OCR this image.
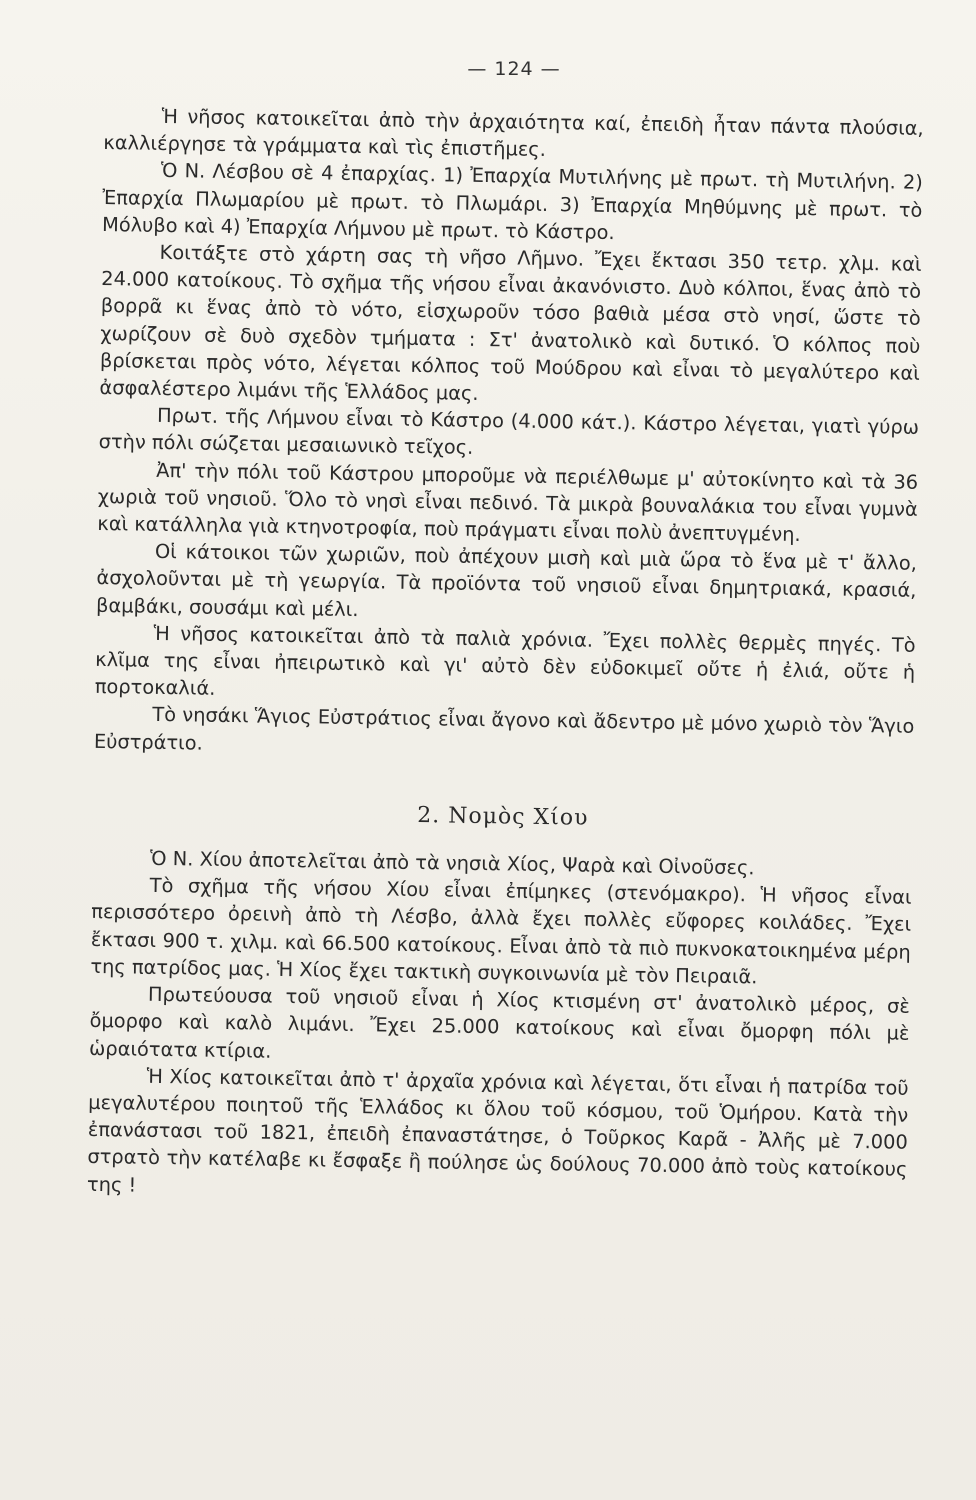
— 124 —

Ἡ νῆσος κατοικεῖται ἀπὸ τὴν ἀρχαιότητα καί, ἐπειδὴ ἦταν πάντα πλούσια, καλλιέργησε τὰ γράμματα καὶ τὶς ἐπιστῆμες.

Ὁ Ν. Λέσβου σὲ 4 ἐπαρχίας. 1) Ἐπαρχία Μυτιλήνης μὲ πρωτ. τὴ Μυτιλήνη. 2) Ἐπαρχία Πλωμαρίου μὲ πρωτ. τὸ Πλωμάρι. 3) Ἐπαρχία Μηθύμνης μὲ πρωτ. τὸ Μόλυβο καὶ 4) Ἐπαρχία Λήμνου μὲ πρωτ. τὸ Κάστρο.

Κοιτάξτε στὸ χάρτη σας τὴ νῆσο Λῆμνο. Ἔχει ἔκτασι 350 τετρ. χλμ. καὶ 24.000 κατοίκους. Τὸ σχῆμα τῆς νήσου εἶναι ἀκανόνιστο. Δυὸ κόλποι, ἕνας ἀπὸ τὸ βορρᾶ κι ἕνας ἀπὸ τὸ νότο, εἰσχωροῦν τόσο βαθιὰ μέσα στὸ νησί, ὥστε τὸ χωρίζουν σὲ δυὸ σχεδὸν τμήματα : Στ' ἀνατολικὸ καὶ δυτικό. Ὁ κόλπος ποὺ βρίσκεται πρὸς νότο, λέγεται κόλπος τοῦ Μούδρου καὶ εἶναι τὸ μεγαλύτερο καὶ ἀσφαλέστερο λιμάνι τῆς Ἑλλάδος μας.

Πρωτ. τῆς Λήμνου εἶναι τὸ Κάστρο (4.000 κάτ.). Κάστρο λέγεται, γιατὶ γύρω στὴν πόλι σώζεται μεσαιωνικὸ τεῖχος.

Ἀπ' τὴν πόλι τοῦ Κάστρου μποροῦμε νὰ περιέλθωμε μ' αὐτοκίνητο καὶ τὰ 36 χωριὰ τοῦ νησιοῦ. Ὅλο τὸ νησὶ εἶναι πεδινό. Τὰ μικρὰ βουναλάκια του εἶναι γυμνὰ καὶ κατάλληλα γιὰ κτηνοτροφία, ποὺ πράγματι εἶναι πολὺ ἀνεπτυγμένη.

Οἱ κάτοικοι τῶν χωριῶν, ποὺ ἀπέχουν μισὴ καὶ μιὰ ὥρα τὸ ἕνα μὲ τ' ἄλλο, ἀσχολοῦνται μὲ τὴ γεωργία. Τὰ προϊόντα τοῦ νησιοῦ εἶναι δημητριακά, κρασιά, βαμβάκι, σουσάμι καὶ μέλι.

Ἡ νῆσος κατοικεῖται ἀπὸ τὰ παλιὰ χρόνια. Ἔχει πολλὲς θερμὲς πηγές. Τὸ κλῖμα της εἶναι ἠπειρωτικὸ καὶ γι' αὐτὸ δὲν εὐδοκιμεῖ οὔτε ἡ ἐλιά, οὔτε ἡ πορτοκαλιά.

Τὸ νησάκι Ἅγιος Εὐστράτιος εἶναι ἄγονο καὶ ἄδεντρο μὲ μόνο χωριὸ τὸν Ἅγιο Εὐστράτιο.

2. Νομὸς Χίου

Ὁ Ν. Χίου ἀποτελεῖται ἀπὸ τὰ νησιὰ Χίος, Ψαρὰ καὶ Οἰνοῦσες.

Τὸ σχῆμα τῆς νήσου Χίου εἶναι ἐπίμηκες (στενόμακρο). Ἡ νῆσος εἶναι περισσότερο ὀρεινὴ ἀπὸ τὴ Λέσβο, ἀλλὰ ἔχει πολλὲς εὔφορες κοιλάδες. Ἔχει ἔκτασι 900 τ. χιλμ. καὶ 66.500 κατοίκους. Εἶναι ἀπὸ τὰ πιὸ πυκνοκατοικημένα μέρη της πατρίδος μας. Ἡ Χίος ἔχει τακτικὴ συγκοινωνία μὲ τὸν Πειραιᾶ.

Πρωτεύουσα τοῦ νησιοῦ εἶναι ἡ Χίος κτισμένη στ' ἀνατολικὸ μέρος, σὲ ὄμορφο καὶ καλὸ λιμάνι. Ἔχει 25.000 κατοίκους καὶ εἶναι ὄμορφη πόλι μὲ ὡραιότατα κτίρια.

Ἡ Χίος κατοικεῖται ἀπὸ τ' ἀρχαῖα χρόνια καὶ λέγεται, ὅτι εἶναι ἡ πατρίδα τοῦ μεγαλυτέρου ποιητοῦ τῆς Ἑλλάδος κι ὅλου τοῦ κόσμου, τοῦ Ὁμήρου. Κατὰ τὴν ἐπανάστασι τοῦ 1821, ἐπειδὴ ἐπαναστάτησε, ὁ Τοῦρκος Καρᾶ - Ἀλῆς μὲ 7.000 στρατὸ τὴν κατέλαβε κι ἔσφαξε ἢ πούλησε ὡς δούλους 70.000 ἀπὸ τοὺς κατοίκους της !
